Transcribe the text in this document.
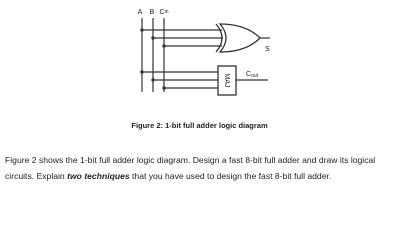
A B Cin
S
MAJ Cout
Figure 2: 1-bit full adder logic diagram
Figure 2 shows the 1-bit full adder logic diagram. Design a fast 8-bit full adder and draw its logical circuits. Explain two techniques that you have used to design the fast 8-bit full adder.
